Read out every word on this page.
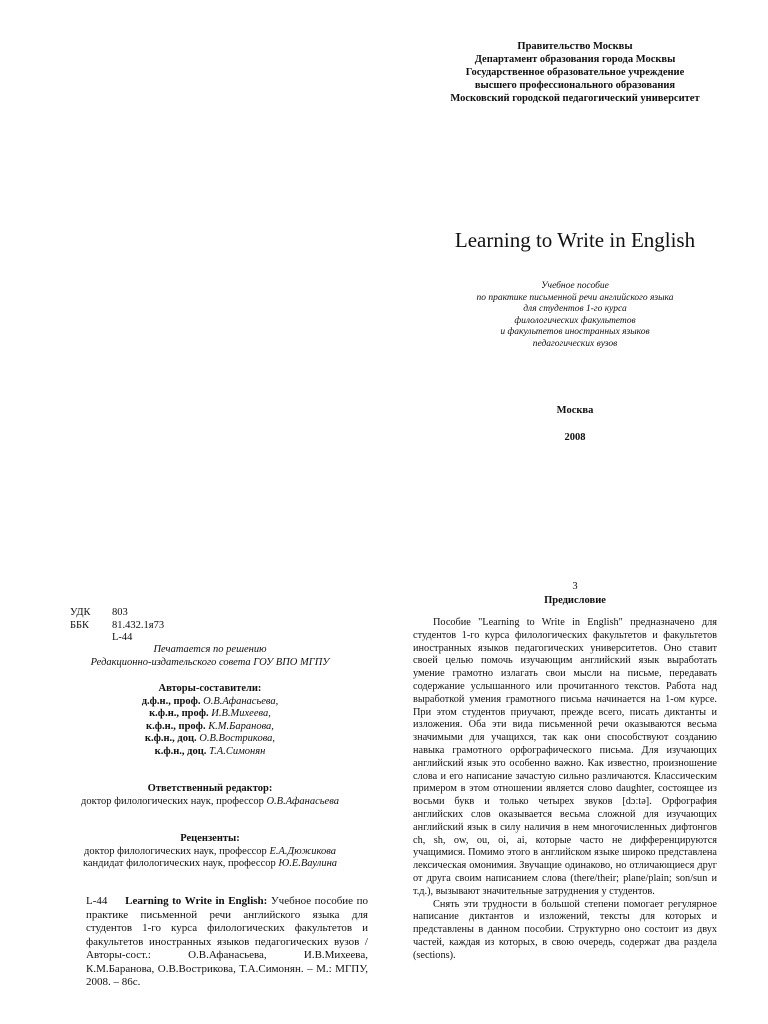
Правительство Москвы

Департамент образования города Москвы

Государственное образовательное учреждение

высшего профессионального образования

Московский городской педагогический университет

Learning to Write in English

Учебное пособие

по практике письменной речи английского языка

для студентов 1-го курса

филологических факультетов

и факультетов иностранных языков

педагогических вузов

Москва
2008
УДК	803
ББК	81.432.1я73
L-44

Печатается по решению

Редакционно-издательского совета ГОУ ВПО МГПУ

Авторы-составители:

д.ф.н., проф. О.В.Афанасьева,

к.ф.н., проф. И.В.Михеева,

к.ф.н., проф. К.М.Баранова,

к.ф.н., доц. О.В.Вострикова,

к.ф.н., доц. Т.А.Симонян

Ответственный редактор:

доктор филологических наук, профессор О.В.Афанасьева

Рецензенты:

доктор филологических наук, профессор Е.А.Дюжикова

кандидат филологических наук, профессор Ю.Е.Ваулина

L-44 Learning to Write in English: Учебное пособие по практике письменной речи английского языка для студентов 1-го курса филологических факультетов и факультетов иностранных языков педагогических вузов / Авторы-сост.: О.В.Афанасьева, И.В.Михеева, К.М.Баранова, О.В.Вострикова, Т.А.Симонян. – М.: МГПУ, 2008. – 86с.
3
Предисловие

Пособие "Learning to Write in English" предназначено для студентов 1-го курса филологических факультетов и факультетов иностранных языков педагогических университетов. Оно ставит своей целью помочь изучающим английский язык выработать умение грамотно излагать свои мысли на письме, передавать содержание услышанного или прочитанного текстов. Работа над выработкой умения грамотного письма начинается на 1-ом курсе. При этом студентов приучают, прежде всего, писать диктанты и изложения. Оба эти вида письменной речи оказываются весьма значимыми для учащихся, так как они способствуют созданию навыка грамотного орфографического письма. Для изучающих английский язык это особенно важно. Как известно, произношение слова и его написание зачастую сильно различаются. Классическим примером в этом отношении является слово daughter, состоящее из восьми букв и только четырех звуков [dɔːtə]. Орфография английских слов оказывается весьма сложной для изучающих английский язык в силу наличия в нем многочисленных дифтонгов ch, sh, ow, ou, oi, ai, которые часто не дифференцируются учащимися. Помимо этого в английском языке широко представлена лексическая омонимия. Звучащие одинаково, но отличающиеся друг от друга своим написанием слова (there/their; plane/plain; son/sun и т.д.), вызывают значительные затруднения у студентов.

Снять эти трудности в большой степени помогает регулярное написание диктантов и изложений, тексты для которых и представлены в данном пособии. Структурно оно состоит из двух частей, каждая из которых, в свою очередь, содержат два раздела (sections).
